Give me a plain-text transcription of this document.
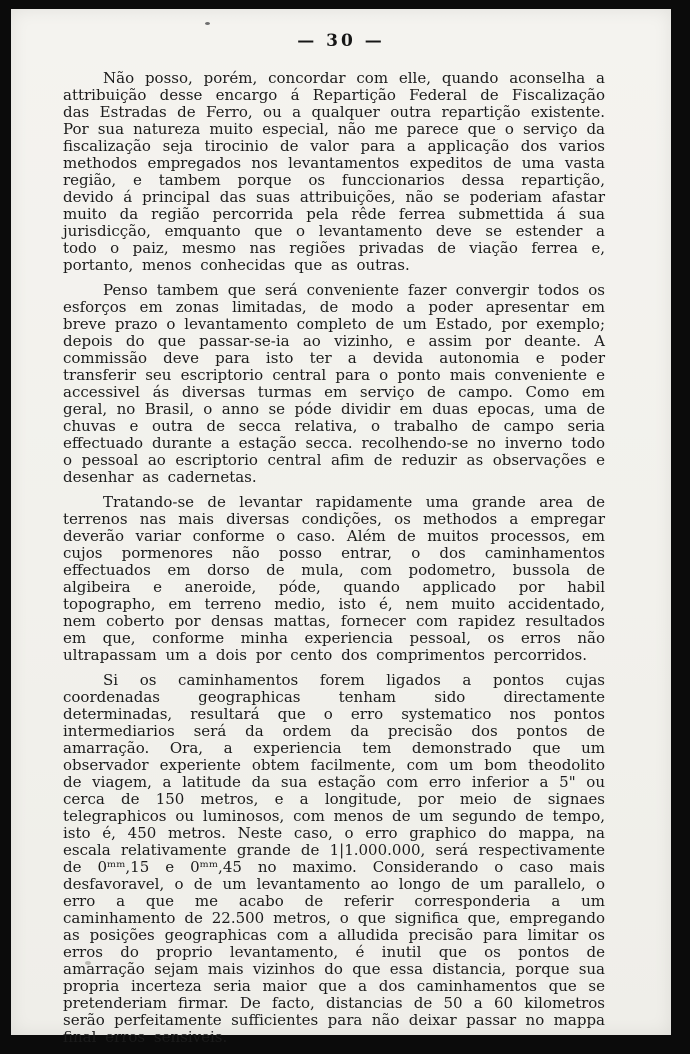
— 30 —

Não posso, porém, concordar com elle, quando aconselha a attribuição desse encargo á Repartição Federal de Fiscalização das Estradas de Ferro, ou a qualquer outra repartição existente. Por sua natureza muito especial, não me parece que o serviço da fiscalização seja tirocinio de valor para a applicação dos varios methodos empregados nos levantamentos expeditos de uma vasta região, e tambem porque os funccionarios dessa repartição, devido á principal das suas attribuições, não se poderiam afastar muito da região percorrida pela rêde ferrea submettida á sua jurisdicção, emquanto que o levantamento deve se estender a todo o paiz, mesmo nas regiões privadas de viação ferrea e, portanto, menos conhecidas que as outras.

Penso tambem que será conveniente fazer convergir todos os esforços em zonas limitadas, de modo a poder apresentar em breve prazo o levantamento completo de um Estado, por exemplo; depois do que passar-se-ia ao vizinho, e assim por deante. A commissão deve para isto ter a devida autonomia e poder transferir seu escriptorio central para o ponto mais conveniente e accessivel ás diversas turmas em serviço de campo. Como em geral, no Brasil, o anno se póde dividir em duas epocas, uma de chuvas e outra de secca relativa, o trabalho de campo seria effectuado durante a estação secca. recolhendo-se no inverno todo o pessoal ao escriptorio central afim de reduzir as observações e desenhar as cadernetas.

Tratando-se de levantar rapidamente uma grande area de terrenos nas mais diversas condições, os methodos a empregar deverão variar conforme o caso. Além de muitos processos, em cujos pormenores não posso entrar, o dos caminhamentos effectuados em dorso de mula, com podometro, bussola de algibeira e aneroide, póde, quando applicado por habil topographo, em terreno medio, isto é, nem muito accidentado, nem coberto por densas mattas, fornecer com rapidez resultados em que, conforme minha experiencia pessoal, os erros não ultrapassam um a dois por cento dos comprimentos percorridos.

Si os caminhamentos forem ligados a pontos cujas coordenadas geographicas tenham sido directamente determinadas, resultará que o erro systematico nos pontos intermediarios será da ordem da precisão dos pontos de amarração. Ora, a experiencia tem demonstrado que um observador experiente obtem facilmente, com um bom theodolito de viagem, a latitude da sua estação com erro inferior a 5" ou cerca de 150 metros, e a longitude, por meio de signaes telegraphicos ou luminosos, com menos de um segundo de tempo, isto é, 450 metros. Neste caso, o erro graphico do mappa, na escala relativamente grande de 1|1.000.000, será respectivamente de 0ᵐᵐ,15 e 0ᵐᵐ,45 no maximo. Considerando o caso mais desfavoravel, o de um levantamento ao longo de um parallelo, o erro a que me acabo de referir corresponderia a um caminhamento de 22.500 metros, o que significa que, empregando as posições geographicas com a alludida precisão para limitar os erros do proprio levantamento, é inutil que os pontos de amarração sejam mais vizinhos do que essa distancia, porque sua propria incerteza seria maior que a dos caminhamentos que se pretenderiam firmar. De facto, distancias de 50 a 60 kilometros serão perfeitamente sufficientes para não deixar passar no mappa final erros sensiveis.
